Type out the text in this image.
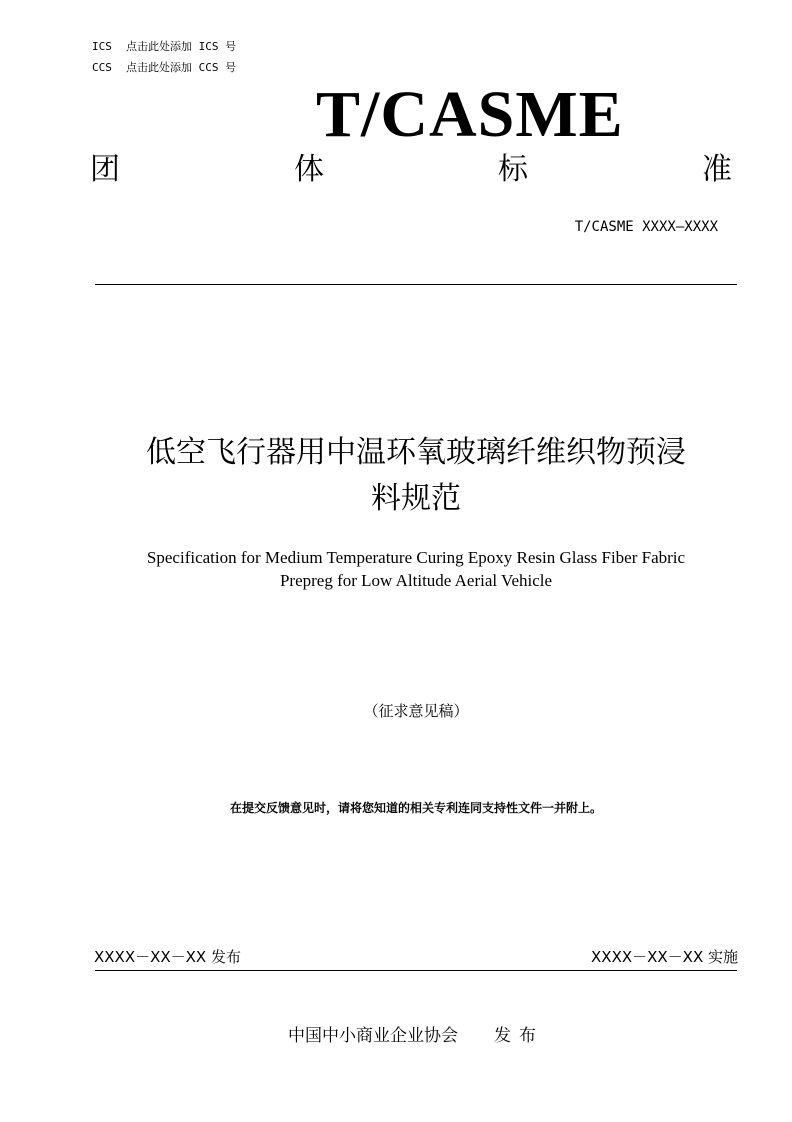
ICS 点击此处添加 ICS 号
CCS 点击此处添加 CCS 号
T/CASME
团	体	标	准
T/CASME XXXX—XXXX
低空飞行器用中温环氧玻璃纤维织物预浸
料规范
Specification for Medium Temperature Curing Epoxy Resin Glass Fiber Fabric
Prepreg for Low Altitude Aerial Vehicle
（征求意见稿）
在提交反馈意见时，请将您知道的相关专利连同支持性文件一并附上。
XXXX－XX－XX 发布	XXXX－XX－XX 实施
中国中小商业企业协会 发布
